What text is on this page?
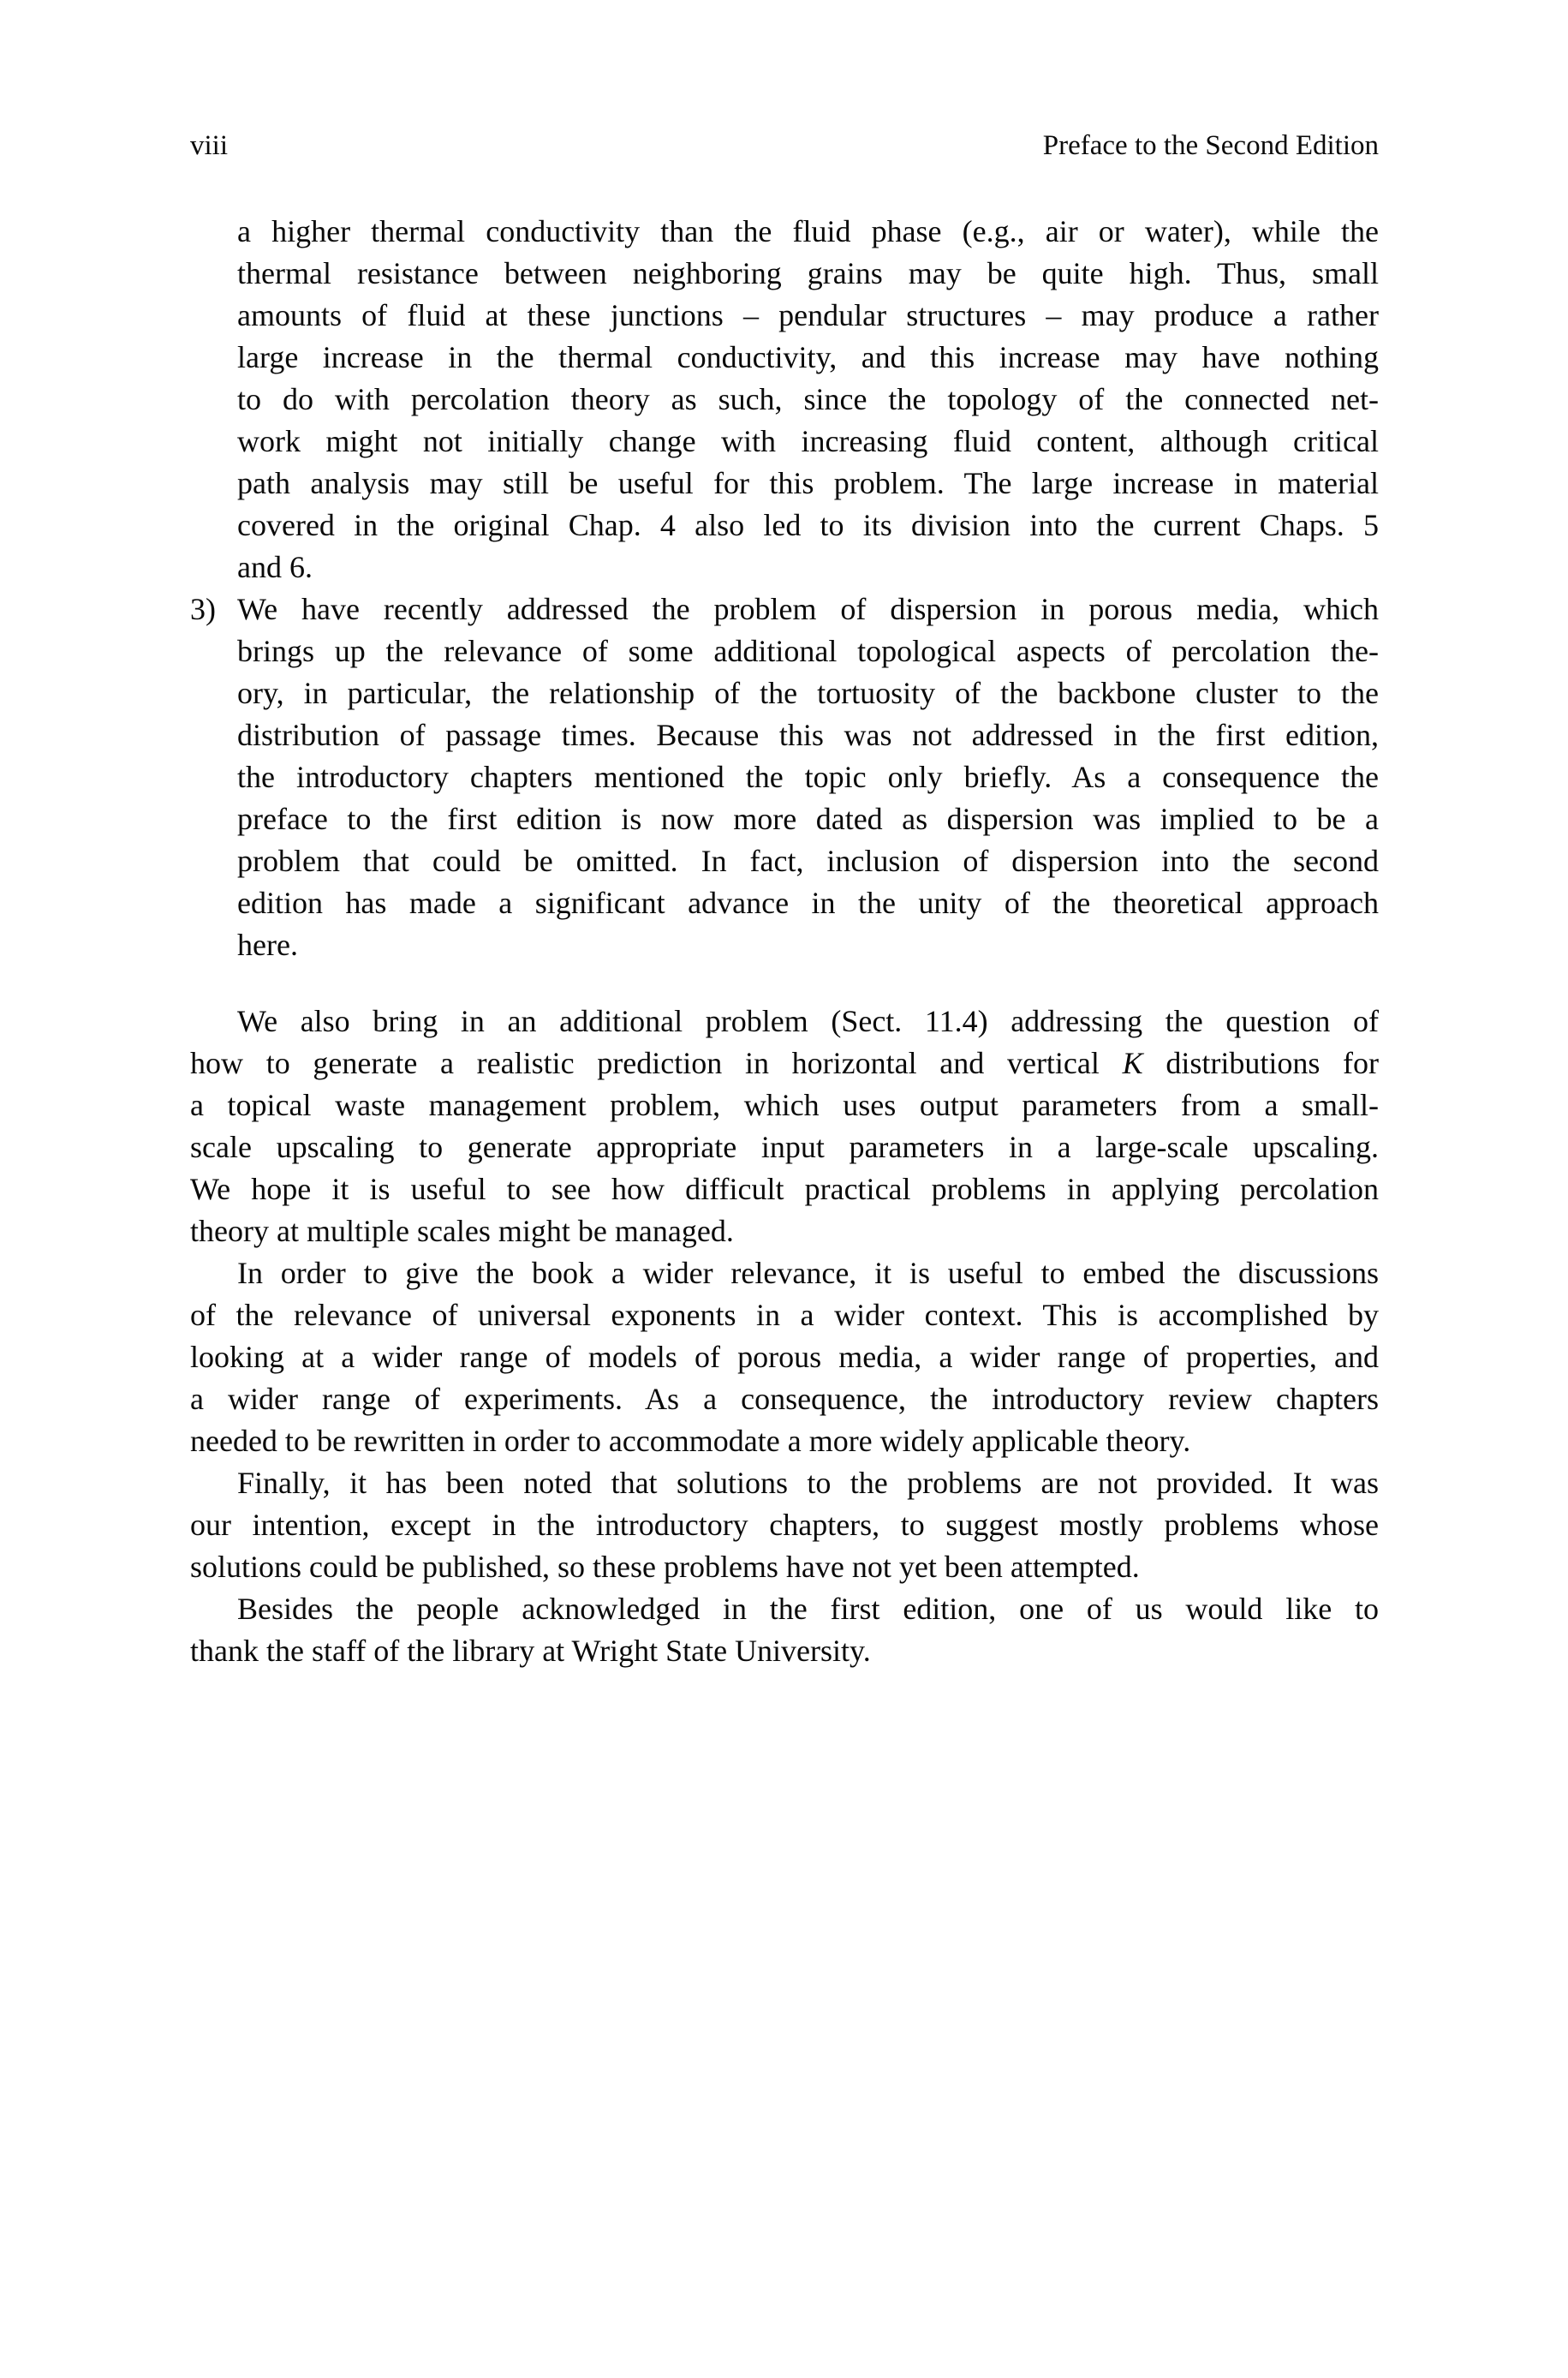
viii	Preface to the Second Edition
a higher thermal conductivity than the fluid phase (e.g., air or water), while the
thermal resistance between neighboring grains may be quite high. Thus, small
amounts of fluid at these junctions – pendular structures – may produce a rather
large increase in the thermal conductivity, and this increase may have nothing
to do with percolation theory as such, since the topology of the connected net-
work might not initially change with increasing fluid content, although critical
path analysis may still be useful for this problem. The large increase in material
covered in the original Chap. 4 also led to its division into the current Chaps. 5
and 6.
3) We have recently addressed the problem of dispersion in porous media, which
brings up the relevance of some additional topological aspects of percolation the-
ory, in particular, the relationship of the tortuosity of the backbone cluster to the
distribution of passage times. Because this was not addressed in the first edition,
the introductory chapters mentioned the topic only briefly. As a consequence the
preface to the first edition is now more dated as dispersion was implied to be a
problem that could be omitted. In fact, inclusion of dispersion into the second
edition has made a significant advance in the unity of the theoretical approach
here.
We also bring in an additional problem (Sect. 11.4) addressing the question of
how to generate a realistic prediction in horizontal and vertical K distributions for
a topical waste management problem, which uses output parameters from a small-
scale upscaling to generate appropriate input parameters in a large-scale upscaling.
We hope it is useful to see how difficult practical problems in applying percolation
theory at multiple scales might be managed.
In order to give the book a wider relevance, it is useful to embed the discussions
of the relevance of universal exponents in a wider context. This is accomplished by
looking at a wider range of models of porous media, a wider range of properties, and
a wider range of experiments. As a consequence, the introductory review chapters
needed to be rewritten in order to accommodate a more widely applicable theory.
Finally, it has been noted that solutions to the problems are not provided. It was
our intention, except in the introductory chapters, to suggest mostly problems whose
solutions could be published, so these problems have not yet been attempted.
Besides the people acknowledged in the first edition, one of us would like to
thank the staff of the library at Wright State University.
